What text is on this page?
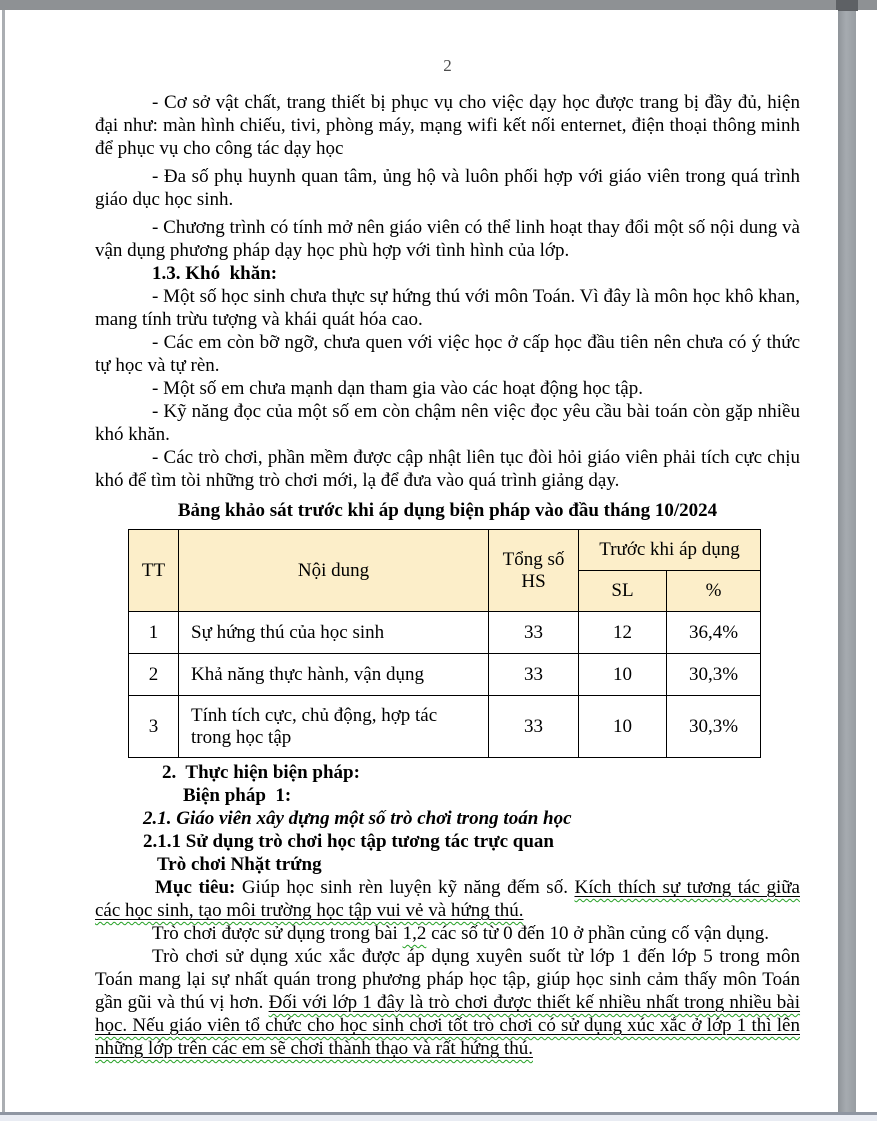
2

- Cơ sở vật chất, trang thiết bị phục vụ cho việc dạy học được trang bị đầy đủ, hiện đại như: màn hình chiếu, tivi, phòng máy, mạng wifi kết nối enternet, điện thoại thông minh để phục vụ cho công tác dạy học

- Đa số phụ huynh quan tâm, ủng hộ và luôn phối hợp với giáo viên trong quá trình giáo dục học sinh.

- Chương trình có tính mở nên giáo viên có thể linh hoạt thay đổi một số nội dung và vận dụng phương pháp dạy học phù hợp với tình hình của lớp.

1.3. Khó  khăn:

- Một số học sinh chưa thực sự hứng thú với môn Toán. Vì đây là môn học khô khan, mang tính trừu tượng và khái quát hóa cao.

- Các em còn bỡ ngỡ, chưa quen với việc học ở cấp học đầu tiên nên chưa có ý thức tự học và tự rèn.

- Một số em chưa mạnh dạn tham gia vào các hoạt động học tập.

- Kỹ năng đọc của một số em còn chậm nên việc đọc yêu cầu bài toán còn gặp nhiều khó khăn.

- Các trò chơi, phần mềm được cập nhật liên tục đòi hỏi giáo viên phải tích cực chịu khó để tìm tòi những trò chơi mới, lạ để đưa vào quá trình giảng dạy.

Bảng khảo sát trước khi áp dụng biện pháp vào đầu tháng 10/2024

TT	Nội dung	Tổng số HS	Trước khi áp dụng	
			SL	%
1	Sự hứng thú của học sinh	33	12	36,4%
2	Khả năng thực hành, vận dụng	33	10	30,3%
3	Tính tích cực, chủ động, hợp tác trong học tập	33	10	30,3%

2.  Thực hiện biện pháp:

Biện pháp  1:

2.1. Giáo viên xây dựng một số trò chơi trong toán học

2.1.1 Sử dụng trò chơi học tập tương tác trực quan

Trò chơi Nhặt trứng

Mục tiêu: Giúp học sinh rèn luyện kỹ năng đếm số. Kích thích sự tương tác giữa các học sinh, tạo môi trường học tập vui vẻ và hứng thú.

Trò chơi được sử dụng trong bài 1,2 các số từ 0 đến 10 ở phần củng cố vận dụng.

Trò chơi sử dụng xúc xắc được áp dụng xuyên suốt từ lớp 1 đến lớp 5 trong môn Toán mang lại sự nhất quán trong phương pháp học tập, giúp học sinh cảm thấy môn Toán gần gũi và thú vị hơn. Đối với lớp 1 đây là trò chơi được thiết kế nhiều nhất trong nhiều bài học. Nếu giáo viên tổ chức cho học sinh chơi tốt trò chơi có sử dụng xúc xắc ở lớp 1 thì lên những lớp trên các em sẽ chơi thành thạo và rất hứng thú.
